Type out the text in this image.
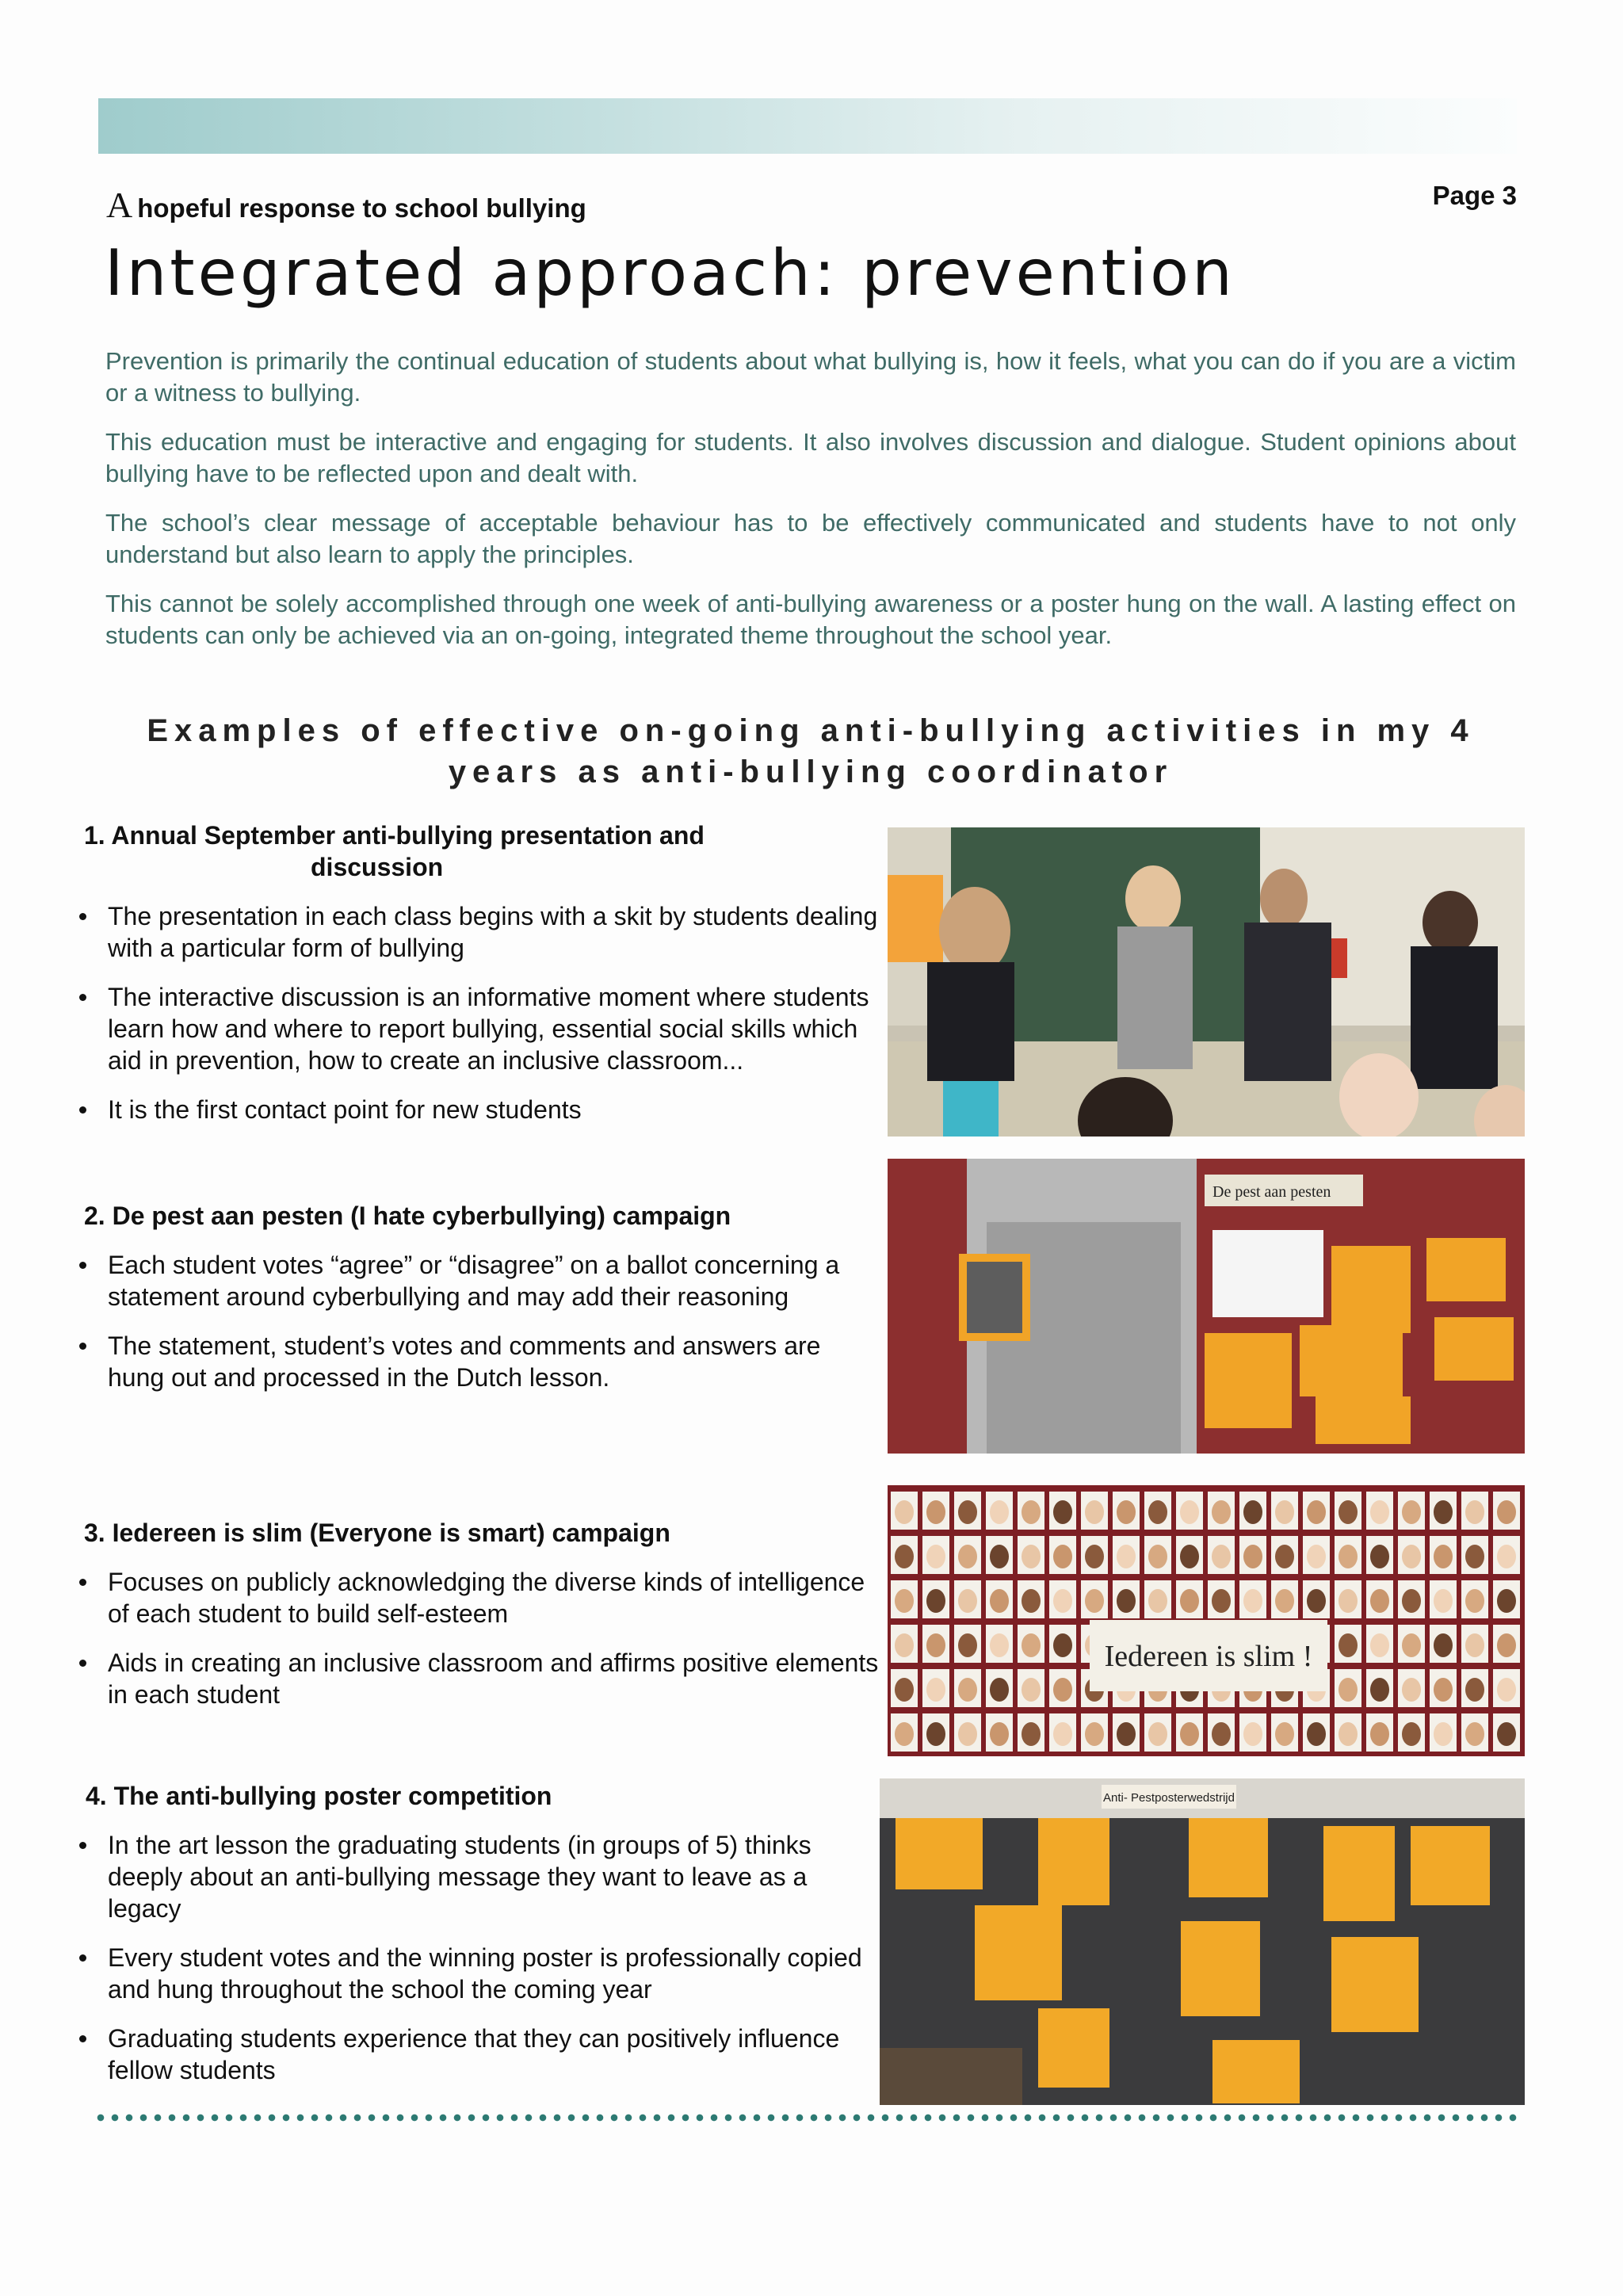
A hopeful response to school bullying	Page 3
Integrated approach: prevention

Prevention is primarily the continual education of students about what bullying is, how it feels, what you can do if you are a victim or a witness to bullying.

This education must be interactive and engaging for students. It also involves discussion and dialogue. Student opinions about bullying have to be reflected upon and dealt with.

The school’s clear message of acceptable behaviour has to be effectively communicated and students have to not only understand but also learn to apply the principles.

This cannot be solely accomplished through one week of anti-bullying awareness or a poster hung on the wall. A lasting effect on students can only be achieved via an on-going, integrated theme throughout the school year.

Examples of effective on-going anti-bullying activities in my 4 years as anti-bullying coordinator
1. Annual September anti-bullying presentation and
discussion
The presentation in each class begins with a skit by students dealing with a particular form of bullying
The interactive discussion is an informative moment where students learn how and where to report bullying, essential social skills which aid in prevention, how to create an inclusive classroom...
It is the first contact point for new students
2. De pest aan pesten (I hate cyberbullying) campaign
Each student votes “agree” or “disagree” on a ballot concerning a statement around cyberbullying and may add their reasoning
The statement, student’s votes and comments and answers are hung out and processed in the Dutch lesson.
3. Iedereen is slim (Everyone is smart) campaign
Focuses on publicly acknowledging the diverse kinds of intelligence of each student to build self-esteem
Aids in creating an inclusive classroom and affirms positive elements in each student
4. The anti-bullying poster competition
In the art lesson the graduating students (in groups of 5) thinks deeply about an anti-bullying message they want to leave as a legacy
Every student votes and the winning poster is professionally copied and hung throughout the school the coming year
Graduating students experience that they can positively influence fellow students
De pest aan pesten
Iedereen is slim !
Anti- Pestposterwedstrijd
